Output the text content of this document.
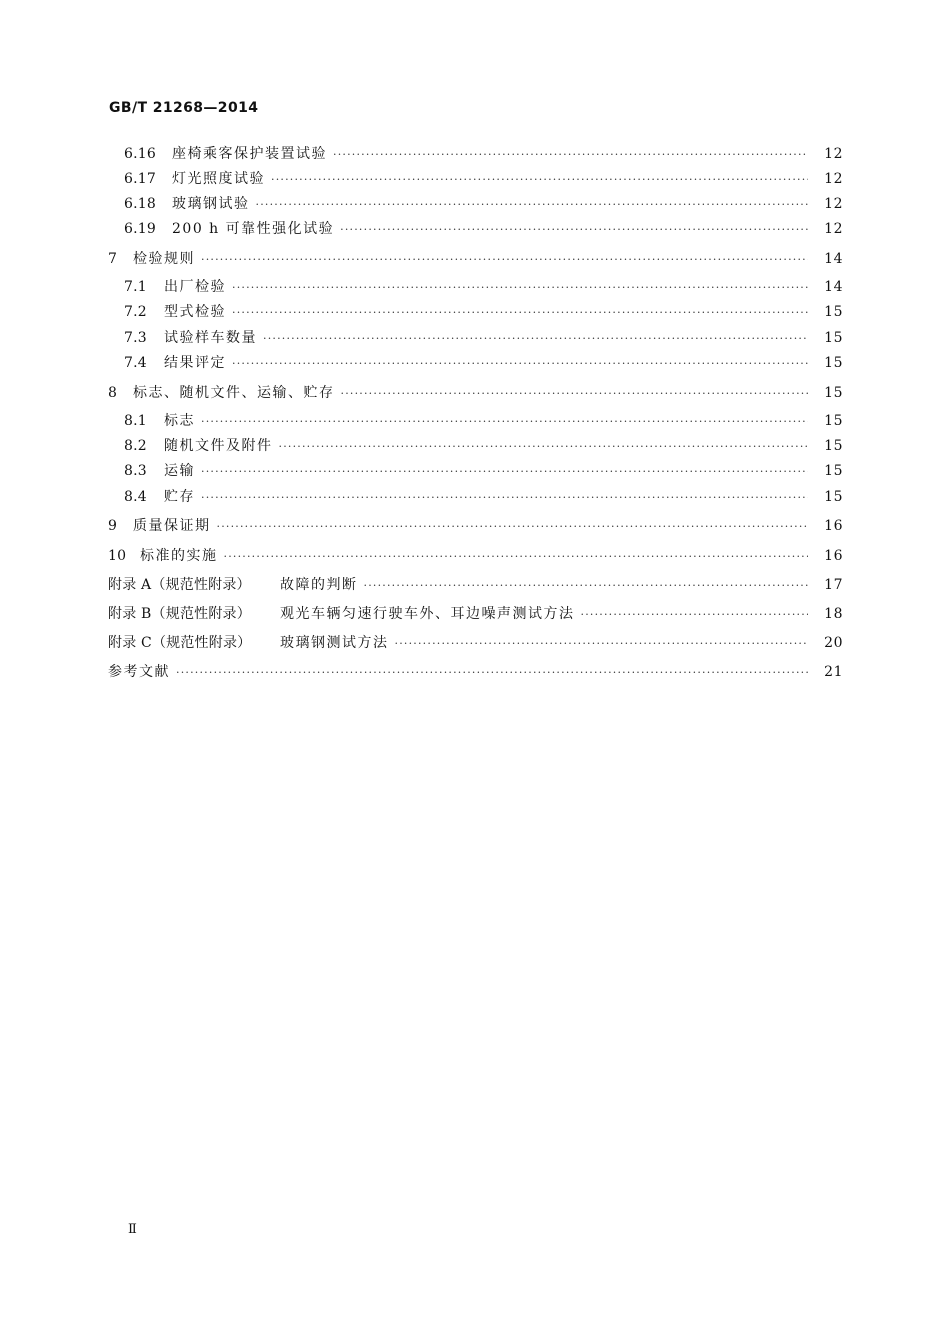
GB/T 21268—2014
6.16	座椅乘客保护装置试验 ·····	12
6.17	灯光照度试验 ·····	12
6.18	玻璃钢试验 ·····	12
6.19	200 h 可靠性强化试验 ·····	12
7	检验规则 ·····	14
7.1	出厂检验 ·····	14
7.2	型式检验 ·····	15
7.3	试验样车数量 ·····	15
7.4	结果评定 ·····	15
8	标志、随机文件、运输、贮存 ·····	15
8.1	标志 ·····	15
8.2	随机文件及附件 ·····	15
8.3	运输 ·····	15
8.4	贮存 ·····	15
9	质量保证期 ·····	16
10 标准的实施 ·····	16
附录 A（规范性附录）	故障的判断 ·····	17
附录 B（规范性附录）	观光车辆匀速行驶车外、耳边噪声测试方法 ·····	18
附录 C（规范性附录）	玻璃钢测试方法 ·····	20
参考文献 ·····	21
Ⅱ
